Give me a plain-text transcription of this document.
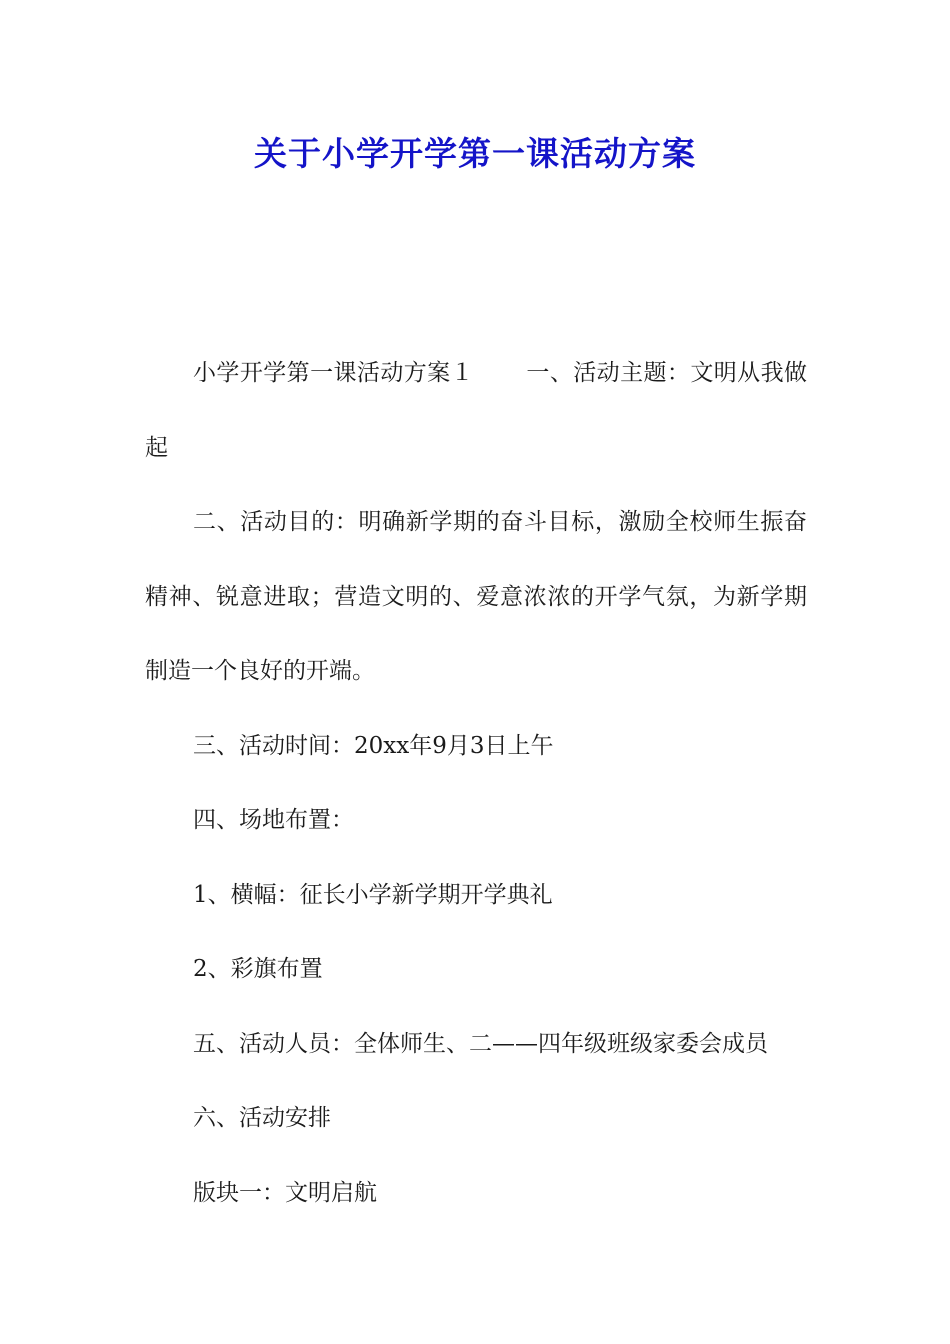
关于小学开学第一课活动方案

小学开学第一课活动方案１ 一、活动主题：文明从我做起

二、活动目的：明确新学期的奋斗目标，激励全校师生振奋精神、锐意进取；营造文明的、爱意浓浓的开学气氛，为新学期制造一个良好的开端。

三、活动时间：20xx年9月3日上午

四、场地布置：

1、横幅：征长小学新学期开学典礼

2、彩旗布置

五、活动人员：全体师生、二——四年级班级家委会成员

六、活动安排

版块一：文明启航
